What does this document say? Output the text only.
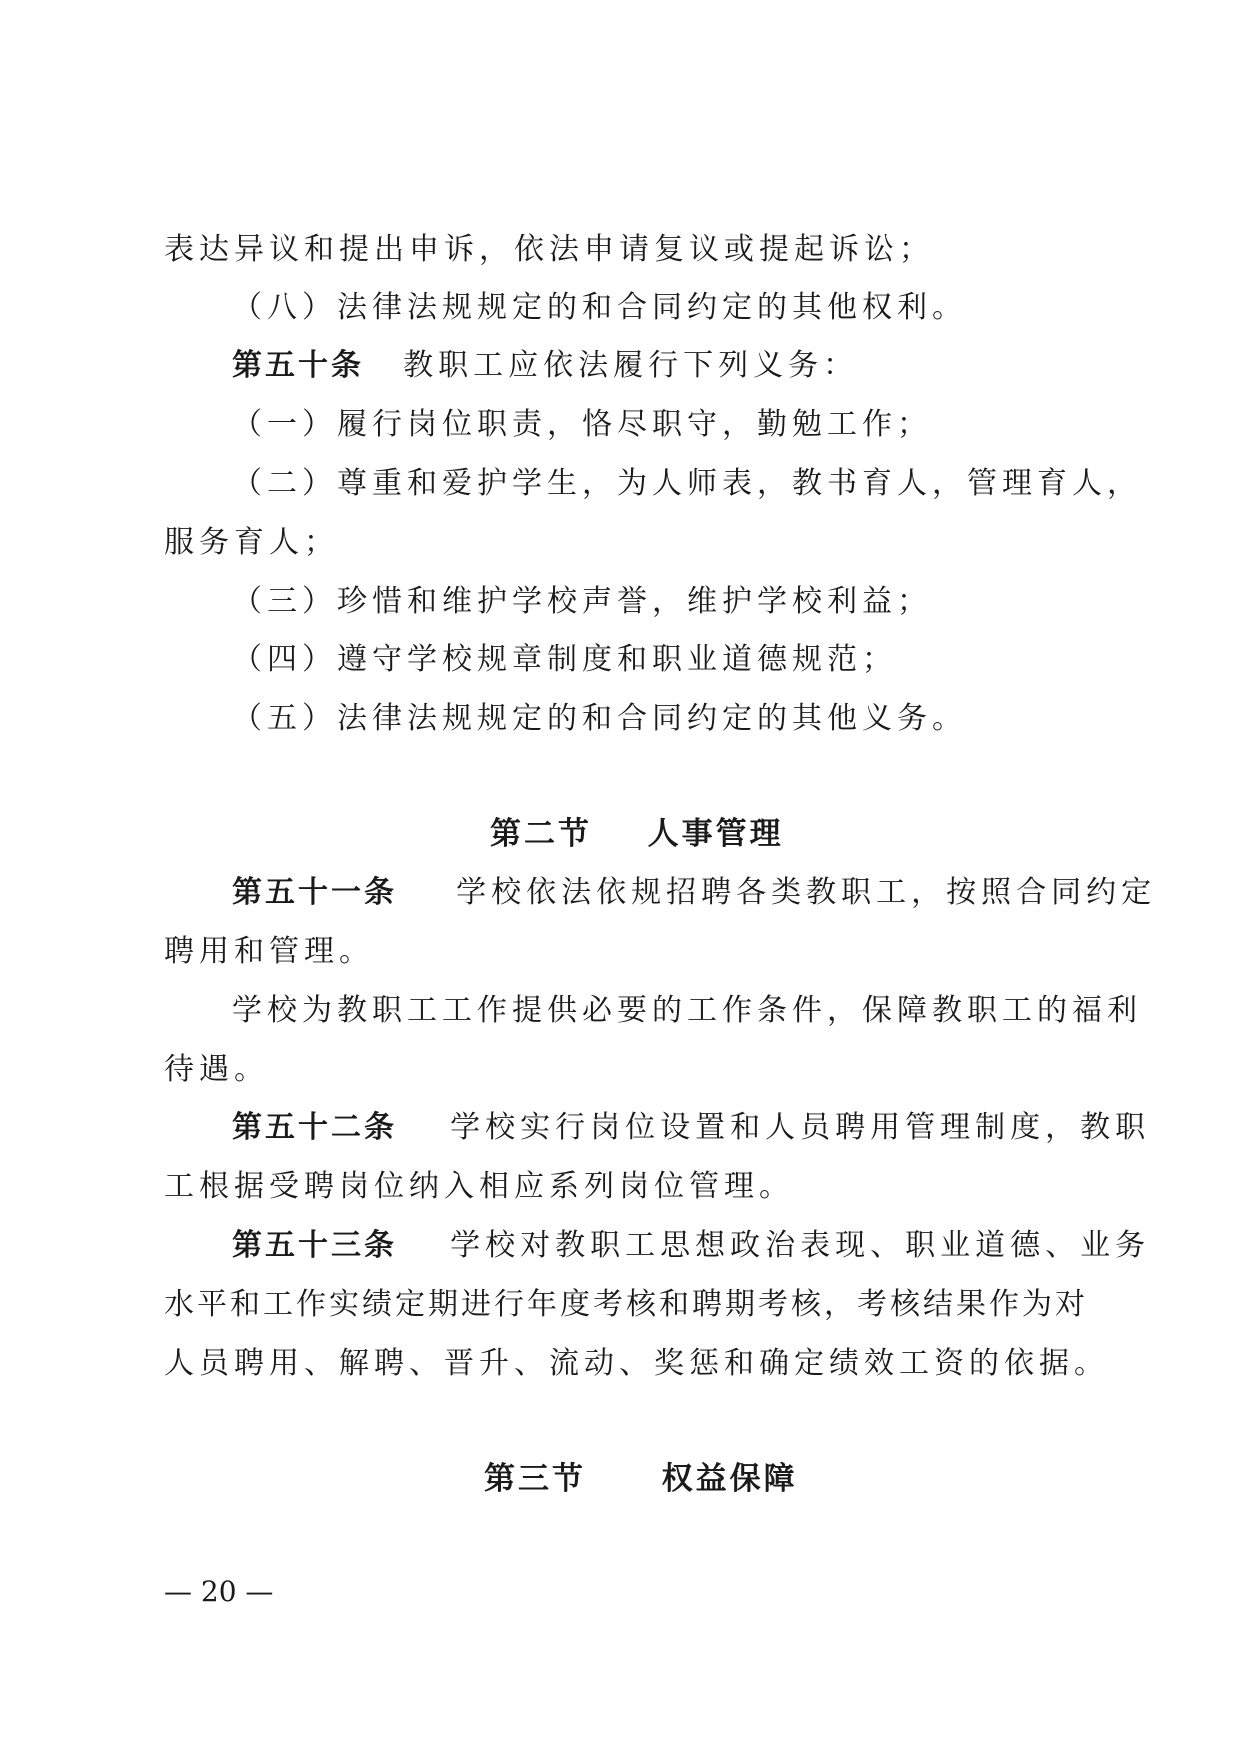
表达异议和提出申诉，依法申请复议或提起诉讼；
（八）法律法规规定的和合同约定的其他权利。
第五十条 教职工应依法履行下列义务：
（一）履行岗位职责，恪尽职守，勤勉工作；
（二）尊重和爱护学生，为人师表，教书育人，管理育人，
服务育人；
（三）珍惜和维护学校声誉，维护学校利益；
（四）遵守学校规章制度和职业道德规范；
（五）法律法规规定的和合同约定的其他义务。
第二节 人事管理
第五十一条 学校依法依规招聘各类教职工，按照合同约定
聘用和管理。
学校为教职工工作提供必要的工作条件，保障教职工的福利
待遇。
第五十二条 学校实行岗位设置和人员聘用管理制度，教职
工根据受聘岗位纳入相应系列岗位管理。
第五十三条 学校对教职工思想政治表现、职业道德、业务
水平和工作实绩定期进行年度考核和聘期考核，考核结果作为对
人员聘用、解聘、晋升、流动、奖惩和确定绩效工资的依据。
第三节 权益保障
— 20 —
